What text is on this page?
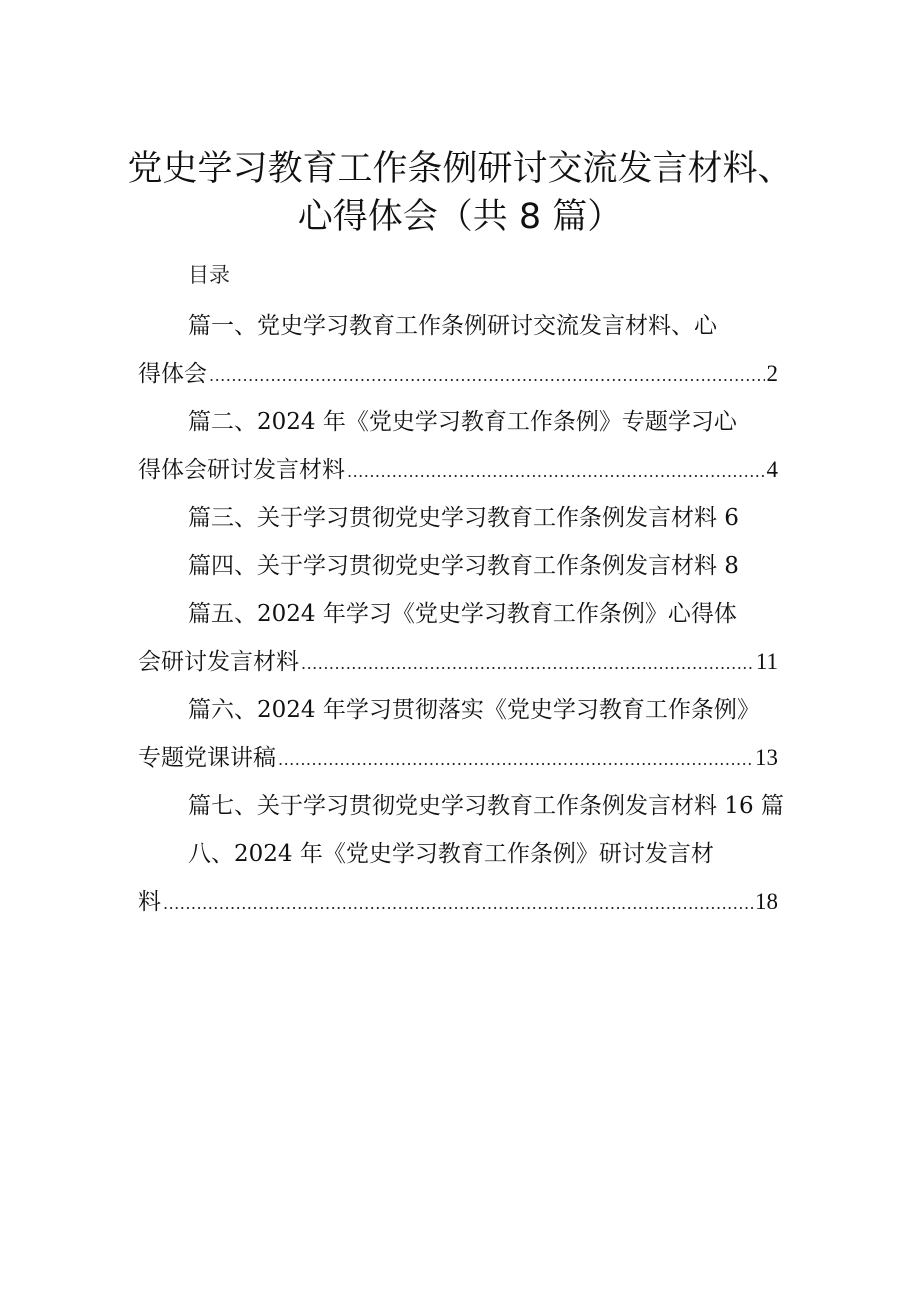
党史学习教育工作条例研讨交流发言材料、
心得体会（共 8 篇）
目录
篇一、党史学习教育工作条例研讨交流发言材料、心
得体会 .....	2
篇二、2024 年《党史学习教育工作条例》专题学习心
得体会研讨发言材料 .....	4
篇三、关于学习贯彻党史学习教育工作条例发言材料 6
篇四、关于学习贯彻党史学习教育工作条例发言材料 8
篇五、2024 年学习《党史学习教育工作条例》心得体
会研讨发言材料 .....	11
篇六、2024 年学习贯彻落实《党史学习教育工作条例》
专题党课讲稿 .....	13
篇七、关于学习贯彻党史学习教育工作条例发言材料 16 篇
八、2024 年《党史学习教育工作条例》研讨发言材
料 .....	18
